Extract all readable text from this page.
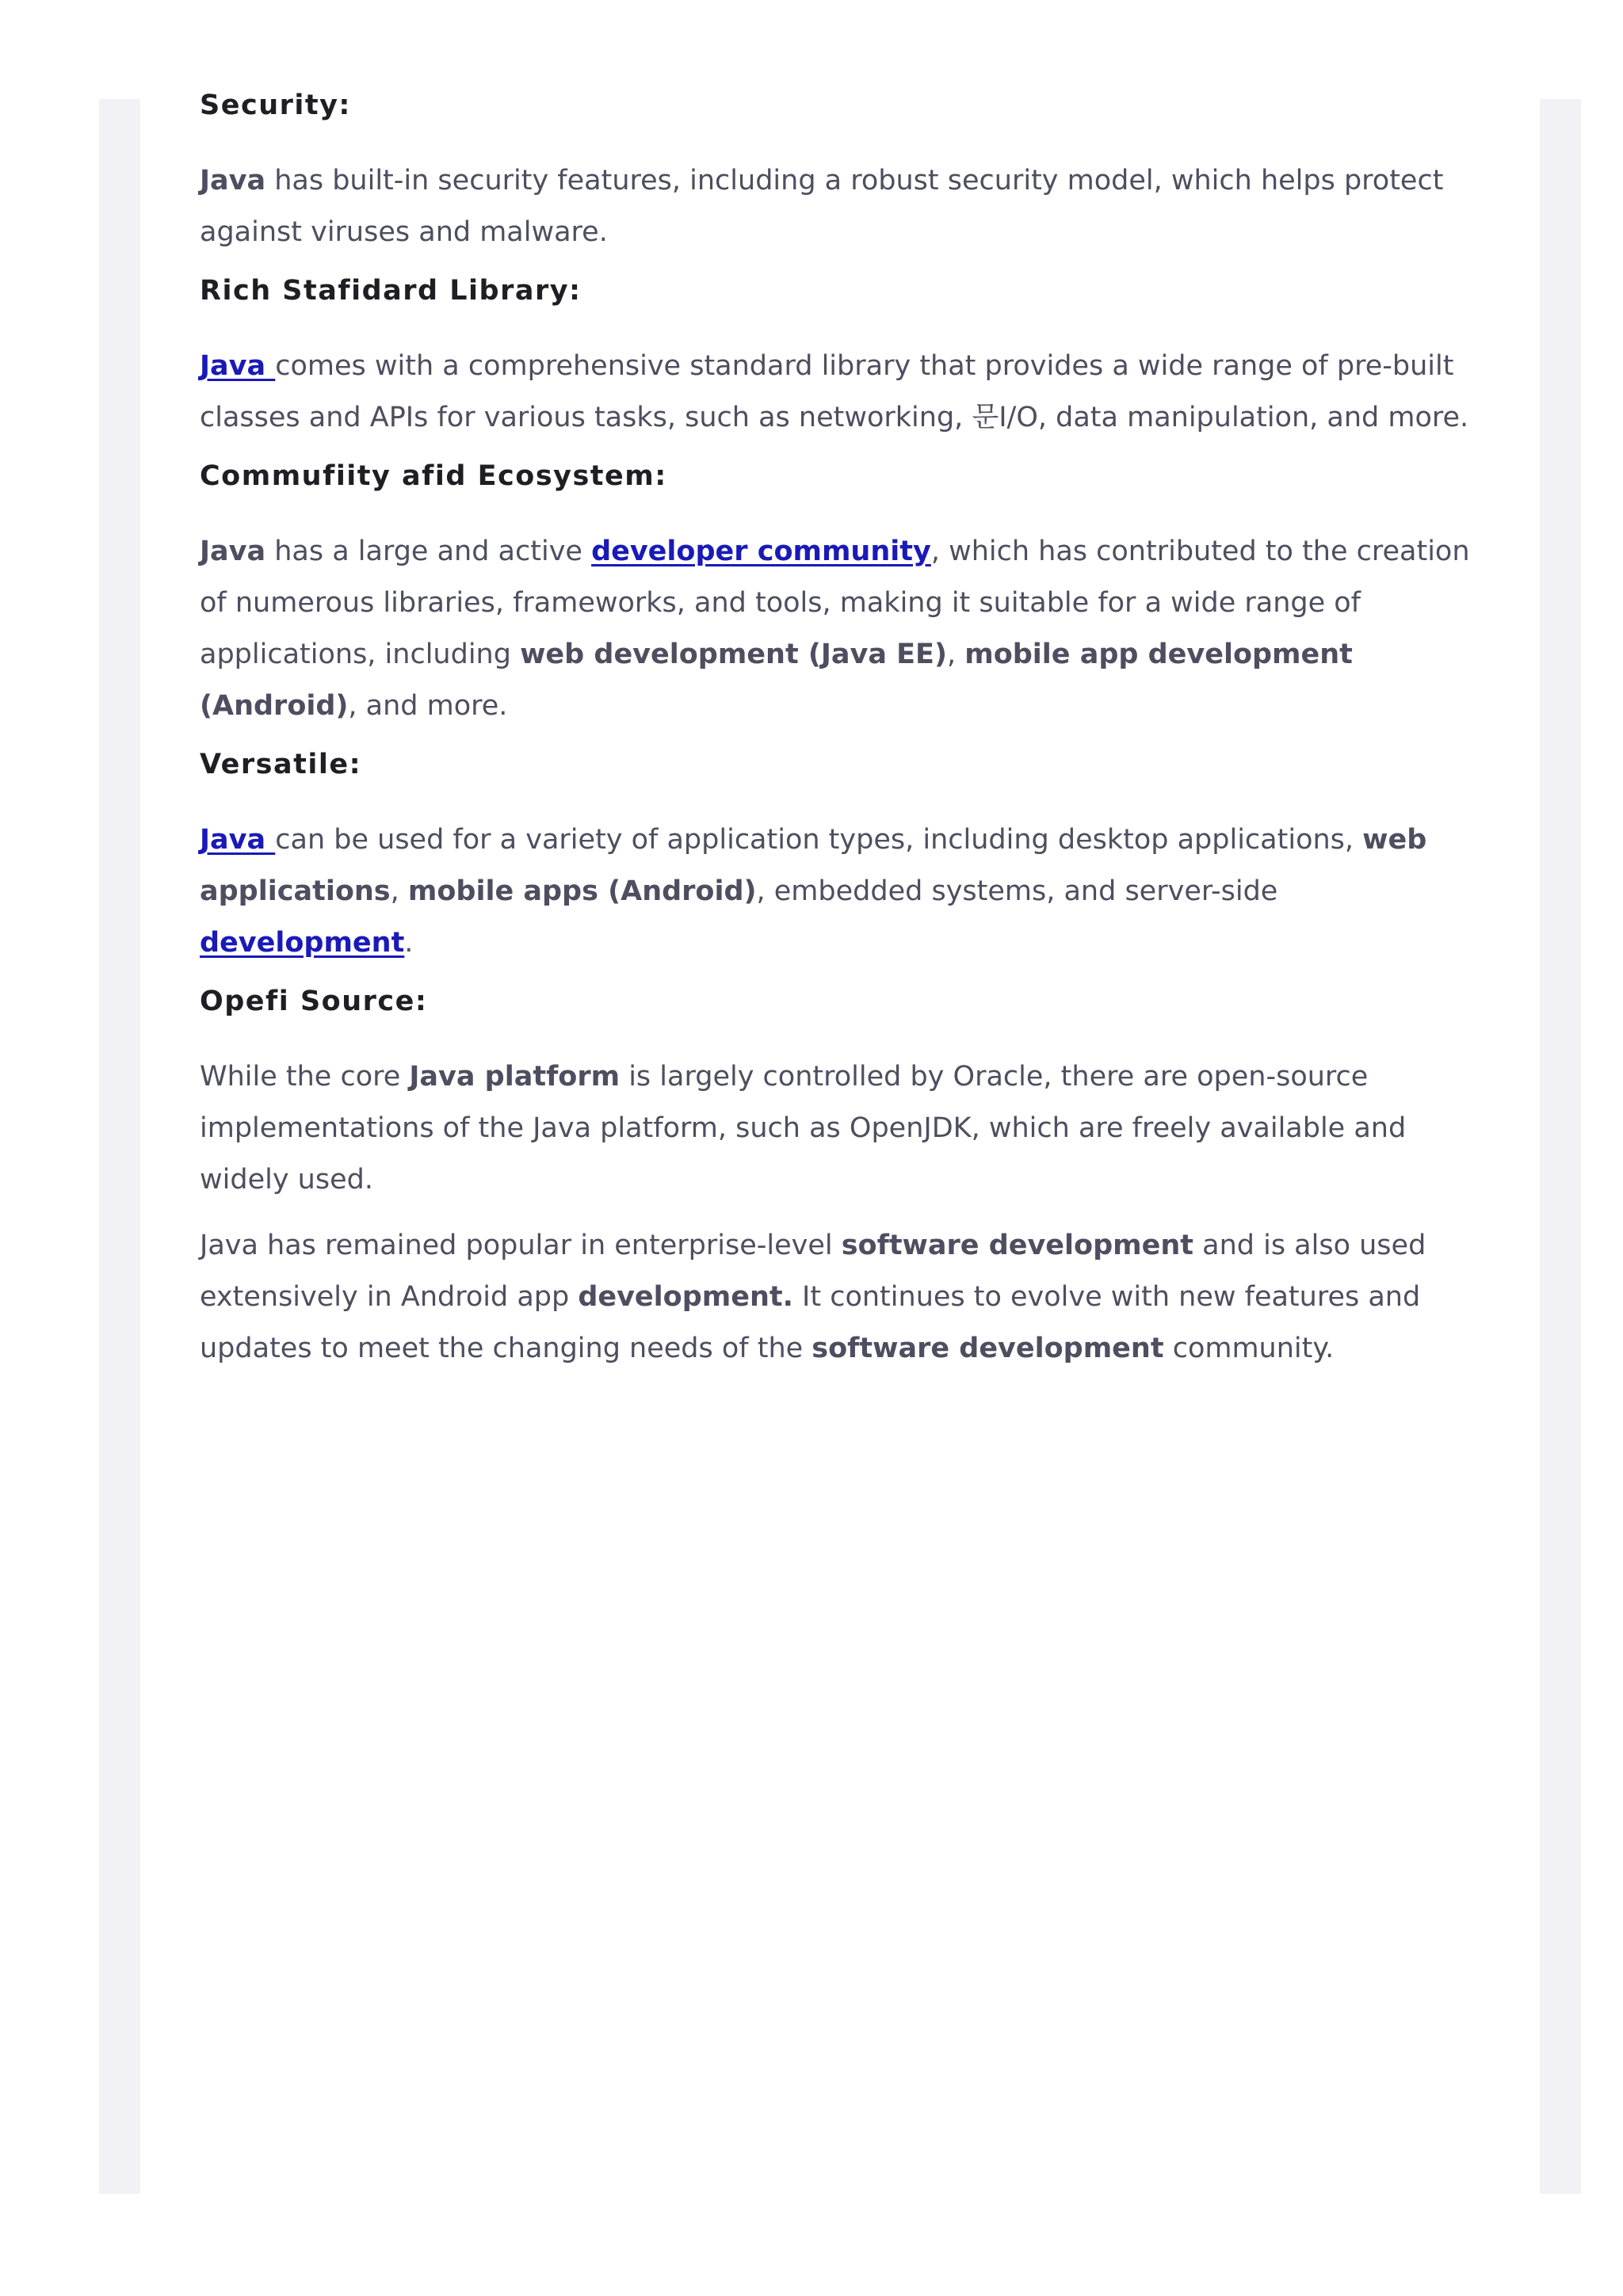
Security:

Java has built-in security features, including a robust security model, which helps protect against viruses and malware.

Rich Stafidard Library:

Java comes with a comprehensive standard library that provides a wide range of pre-built classes and APIs for various tasks, such as networking, 문I/O, data manipulation, and more.

Commufiity afid Ecosystem:

Java has a large and active developer community, which has contributed to the creation of numerous libraries, frameworks, and tools, making it suitable for a wide range of applications, including web development (Java EE), mobile app development (Android), and more.

Versatile:

Java can be used for a variety of application types, including desktop applications, web applications, mobile apps (Android), embedded systems, and server-side development.

Opefi Source:

While the core Java platform is largely controlled by Oracle, there are open-source implementations of the Java platform, such as OpenJDK, which are freely available and widely used.

Java has remained popular in enterprise-level software development and is also used extensively in Android app development. It continues to evolve with new features and updates to meet the changing needs of the software development community.
